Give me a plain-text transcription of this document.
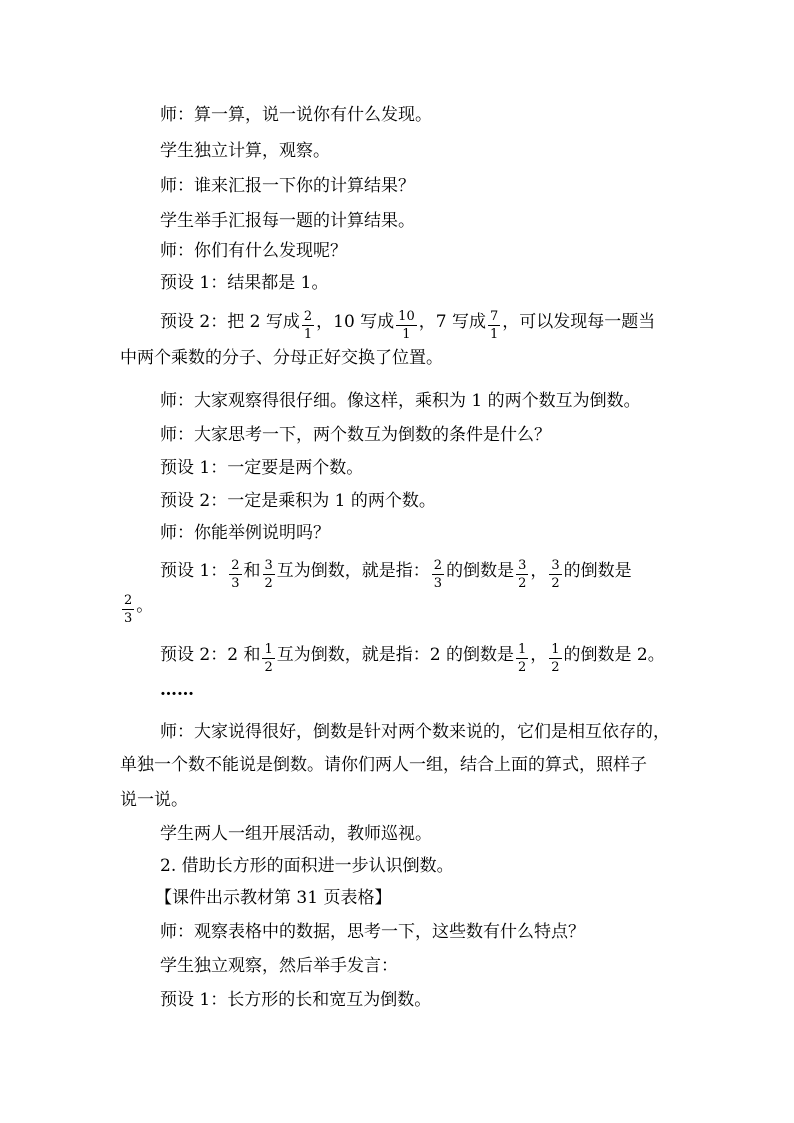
师：算一算，说一说你有什么发现。
学生独立计算，观察。
师：谁来汇报一下你的计算结果？
学生举手汇报每一题的计算结果。
师：你们有什么发现呢？
预设 1：结果都是 1。
预设 2：把 2 写成 $\frac{2}{1}$ ，10 写成 $\frac{10}{1}$ ，7 写成 $\frac{7}{1}$ ，可以发现每一题当
中两个乘数的分子、分母正好交换了位置。
师：大家观察得很仔细。像这样，乘积为 1 的两个数互为倒数。
师：大家思考一下，两个数互为倒数的条件是什么？
预设 1：一定要是两个数。
预设 2：一定是乘积为 1 的两个数。
师：你能举例说明吗？
预设 1： $\frac{2}{3}$ 和 $\frac{3}{2}$ 互为倒数，就是指： $\frac{2}{3}$ 的倒数是 $\frac{3}{2}$ ， $\frac{3}{2}$ 的倒数是
$\frac{2}{3}$ 。
预设 2：2 和 $\frac{1}{2}$ 互为倒数，就是指：2 的倒数是 $\frac{1}{2}$ ， $\frac{1}{2}$ 的倒数是 2。
……
师：大家说得很好，倒数是针对两个数来说的，它们是相互依存的，
单独一个数不能说是倒数。请你们两人一组，结合上面的算式，照样子
说一说。
学生两人一组开展活动，教师巡视。
2. 借助长方形的面积进一步认识倒数。
【课件出示教材第 31 页表格】
师：观察表格中的数据，思考一下，这些数有什么特点？
学生独立观察，然后举手发言：
预设 1：长方形的长和宽互为倒数。
